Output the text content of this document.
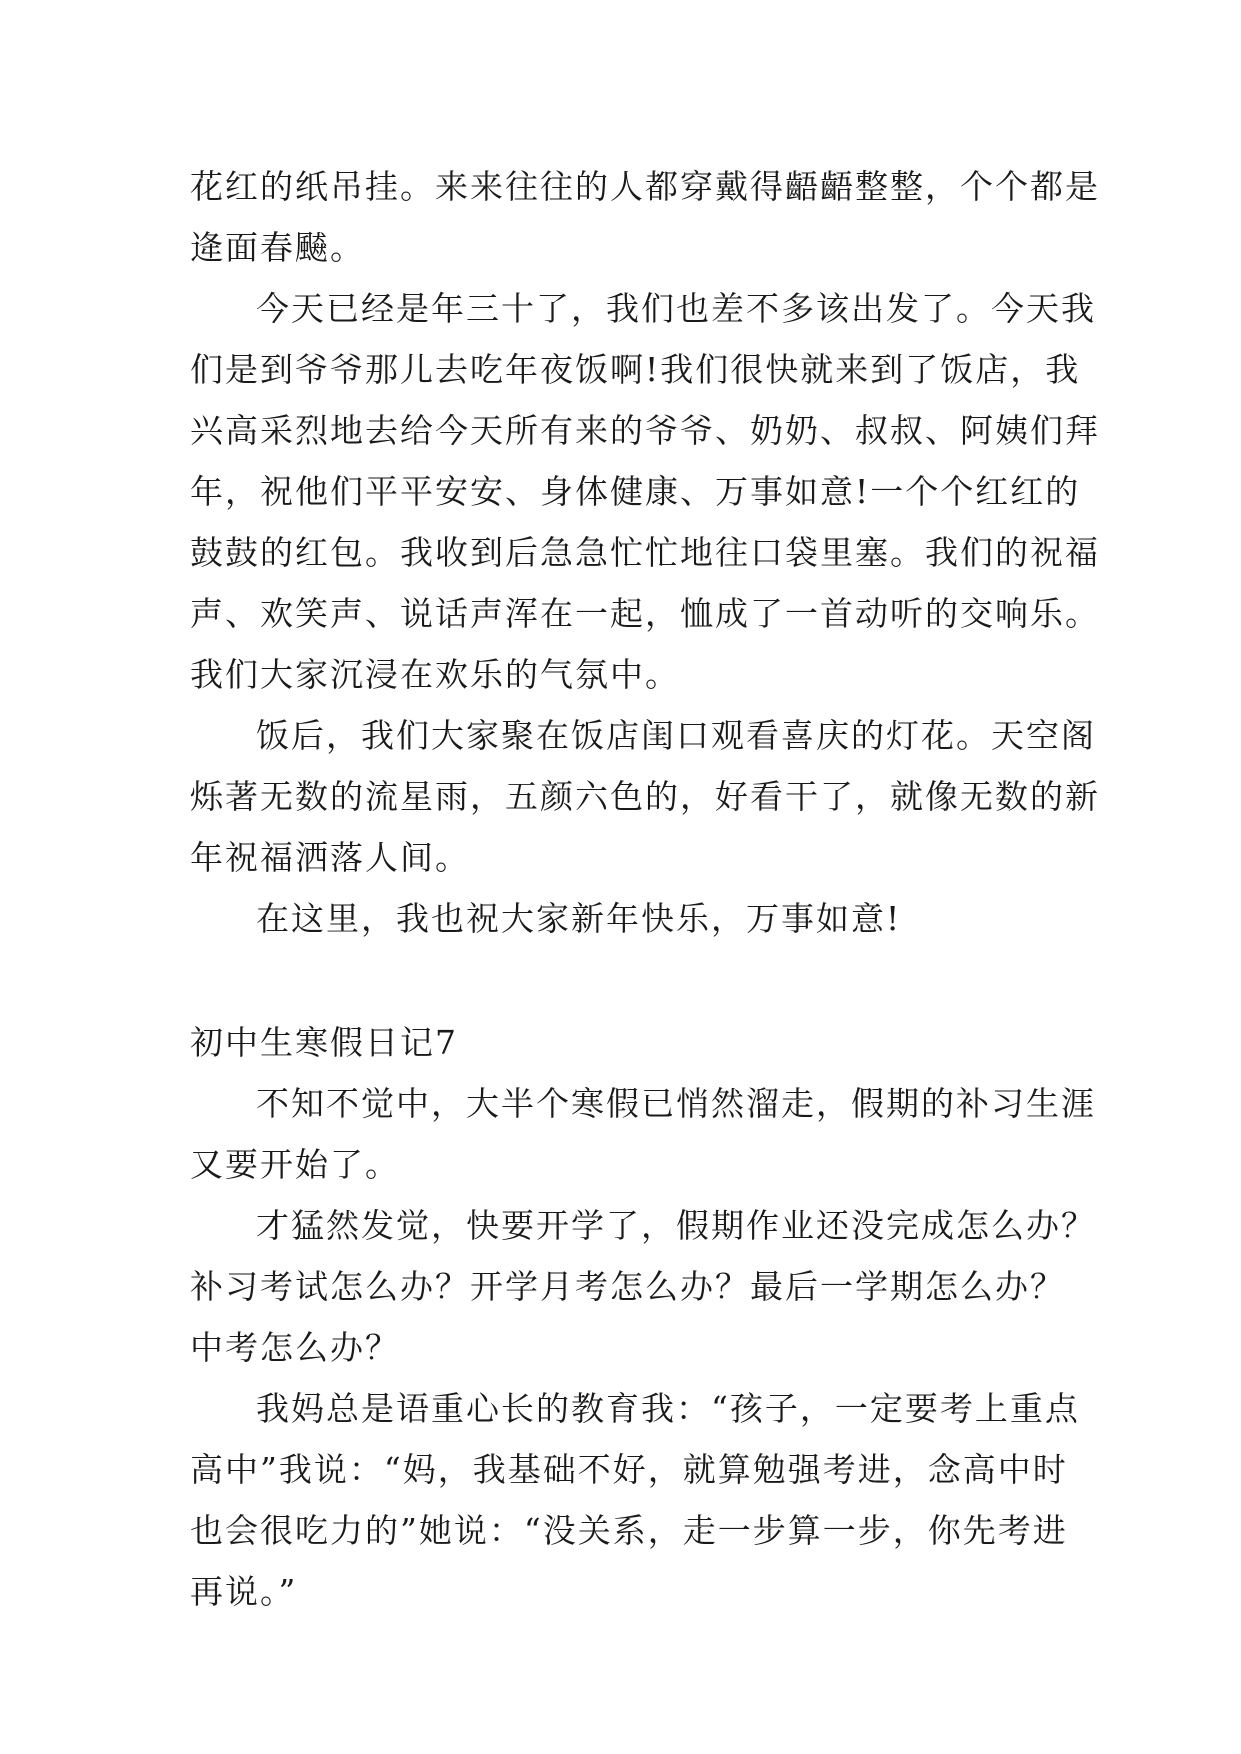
花红的纸吊挂。来来往往的人都穿戴得齬齬整整，个个都是
逄面春飇。
今天已经是年三十了，我们也差不多该出发了。今天我
们是到爷爷那儿去吃年夜饭啊!我们很快就来到了饭店，我
兴高采烈地去给今天所有来的爷爷、奶奶、叔叔、阿姨们拜
年，祝他们平平安安、身体健康、万事如意!一个个红红的
鼓鼓的红包。我收到后急急忙忙地往口袋里塞。我们的祝福
声、欢笑声、说话声浑在一起，恤成了一首动听的交响乐。
我们大家沉浸在欢乐的气氛中。
饭后，我们大家聚在饭店闺口观看喜庆的灯花。天空阁
烁著无数的流星雨，五颜六色的，好看干了，就像无数的新
年祝福洒落人间。
在这里，我也祝大家新年快乐，万事如意!
初中生寒假日记7
不知不觉中，大半个寒假已悄然溜走，假期的补习生涯
又要开始了。
才猛然发觉，快要开学了，假期作业还没完成怎么办？
补习考试怎么办？开学月考怎么办？最后一学期怎么办？
中考怎么办？
我妈总是语重心长的教育我：“孩子，一定要考上重点
高中”我说：“妈，我基础不好，就算勉强考进，念高中时
也会很吃力的”她说：“没关系，走一步算一步，你先考进
再说。”
